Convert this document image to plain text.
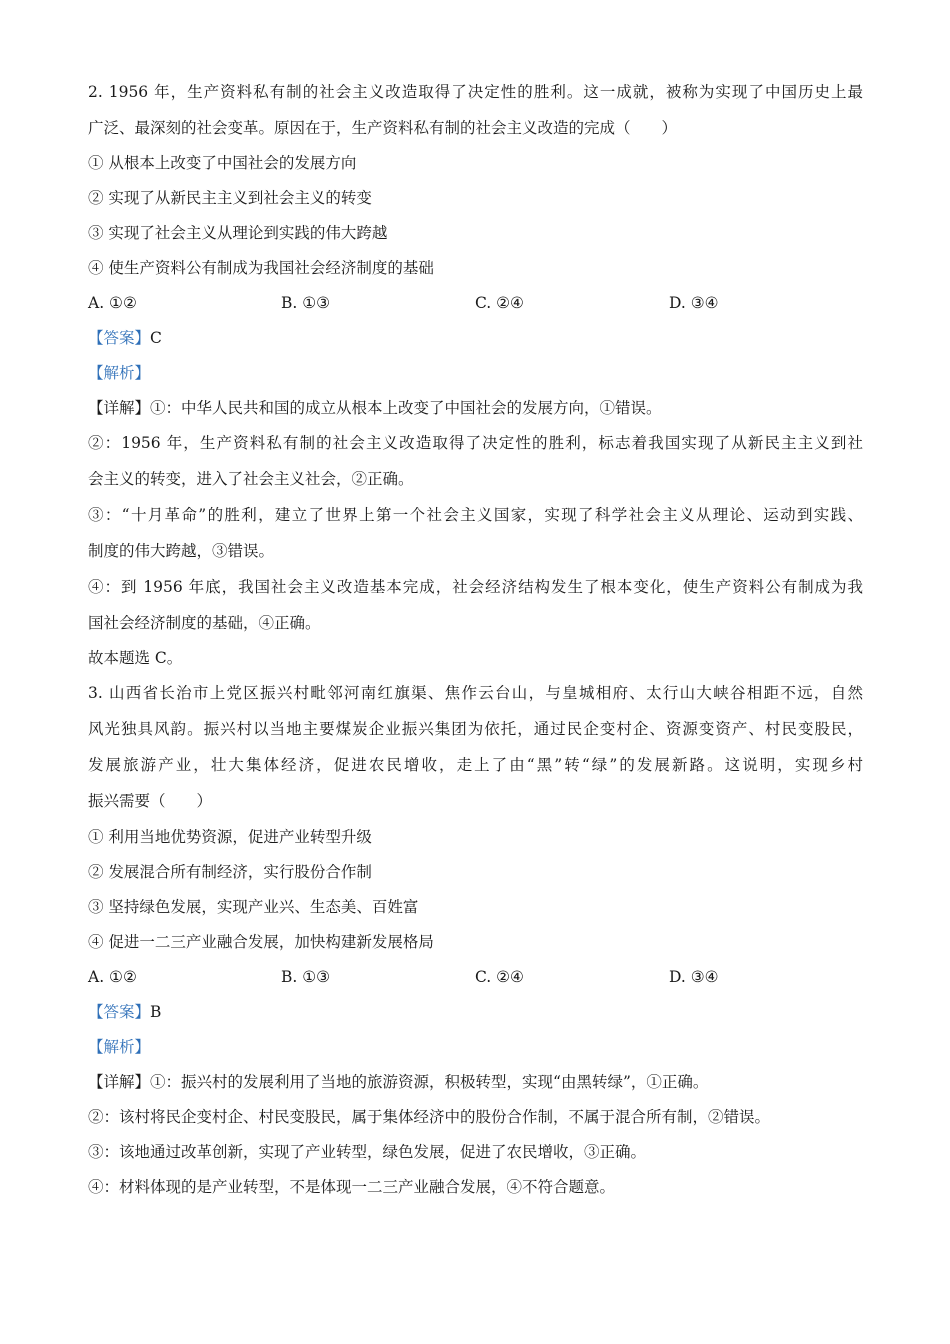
2. 1956 年，生产资料私有制的社会主义改造取得了决定性的胜利。这一成就，被称为实现了中国历史上最
广泛、最深刻的社会变革。原因在于，生产资料私有制的社会主义改造的完成（　　）
① 从根本上改变了中国社会的发展方向
② 实现了从新民主主义到社会主义的转变
③ 实现了社会主义从理论到实践的伟大跨越
④ 使生产资料公有制成为我国社会经济制度的基础
A. ①②	B. ①③	C. ②④	D. ③④
【答案】C
【解析】
【详解】①：中华人民共和国的成立从根本上改变了中国社会的发展方向，①错误。
②：1956 年，生产资料私有制的社会主义改造取得了决定性的胜利，标志着我国实现了从新民主主义到社
会主义的转变，进入了社会主义社会，②正确。
③：“十月革命”的胜利，建立了世界上第一个社会主义国家，实现了科学社会主义从理论、运动到实践、
制度的伟大跨越，③错误。
④：到 1956 年底，我国社会主义改造基本完成，社会经济结构发生了根本变化，使生产资料公有制成为我
国社会经济制度的基础，④正确。
故本题选 C。
3. 山西省长治市上党区振兴村毗邻河南红旗渠、焦作云台山，与皇城相府、太行山大峡谷相距不远，自然
风光独具风韵。振兴村以当地主要煤炭企业振兴集团为依托，通过民企变村企、资源变资产、村民变股民，
发展旅游产业，壮大集体经济，促进农民增收，走上了由“黑”转“绿”的发展新路。这说明，实现乡村
振兴需要（　　）
① 利用当地优势资源，促进产业转型升级
② 发展混合所有制经济，实行股份合作制
③ 坚持绿色发展，实现产业兴、生态美、百姓富
④ 促进一二三产业融合发展，加快构建新发展格局
A. ①②	B. ①③	C. ②④	D. ③④
【答案】B
【解析】
【详解】①：振兴村的发展利用了当地的旅游资源，积极转型，实现“由黑转绿”，①正确。
②：该村将民企变村企、村民变股民，属于集体经济中的股份合作制，不属于混合所有制，②错误。
③：该地通过改革创新，实现了产业转型，绿色发展，促进了农民增收，③正确。
④：材料体现的是产业转型，不是体现一二三产业融合发展，④不符合题意。
